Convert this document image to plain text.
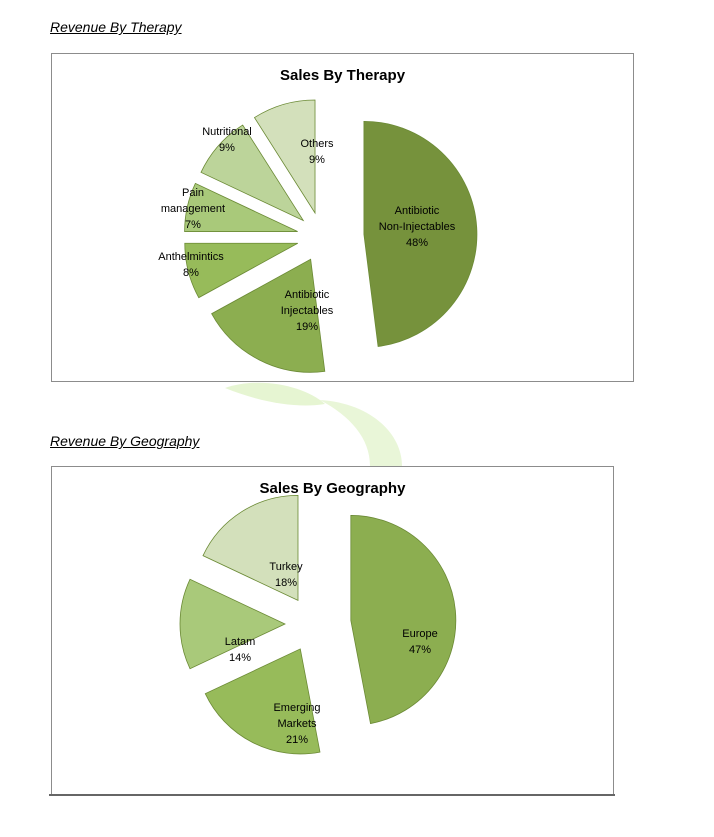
Revenue By Therapy
Sales By Therapy
Antibiotic Non-Injectables 48%
Antibiotic Injectables 19%
Anthelmintics 8%
Pain management 7%
Nutritional 9%	Others 9%
Revenue By Geography
Sales By Geography
Europe 47%
Emerging Markets 21%
Latam 14%
Turkey 18%
